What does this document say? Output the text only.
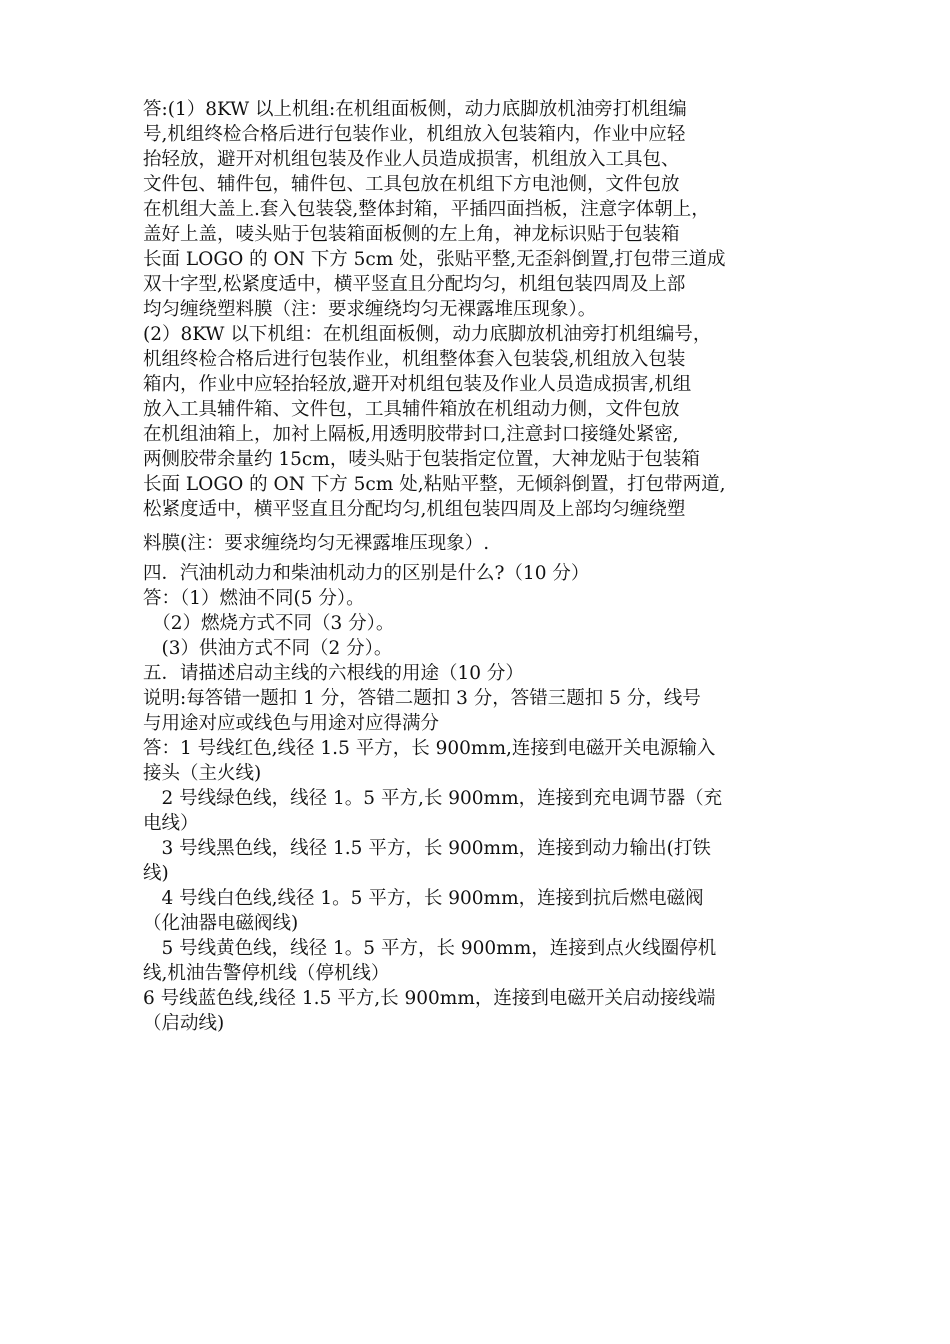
答:(1）8KW 以上机组:在机组面板侧，动力底脚放机油旁打机组编
号,机组终检合格后进行包装作业，机组放入包装箱内，作业中应轻
抬轻放，避开对机组包装及作业人员造成损害，机组放入工具包、
文件包、辅件包，辅件包、工具包放在机组下方电池侧，文件包放
在机组大盖上.套入包装袋,整体封箱，平插四面挡板，注意字体朝上，
盖好上盖，唛头贴于包装箱面板侧的左上角，神龙标识贴于包装箱
长面 LOGO 的 ON 下方 5cm 处，张贴平整,无歪斜倒置,打包带三道成
双十字型,松紧度适中，横平竖直且分配均匀，机组包装四周及上部
均匀缠绕塑料膜（注：要求缠绕均匀无裸露堆压现象）。
(2）8KW 以下机组：在机组面板侧，动力底脚放机油旁打机组编号，
机组终检合格后进行包装作业，机组整体套入包装袋,机组放入包装
箱内，作业中应轻抬轻放,避开对机组包装及作业人员造成损害,机组
放入工具辅件箱、文件包，工具辅件箱放在机组动力侧，文件包放
在机组油箱上，加衬上隔板,用透明胶带封口,注意封口接缝处紧密,
两侧胶带余量约 15cm，唛头贴于包装指定位置，大神龙贴于包装箱
长面 LOGO 的 ON 下方 5cm 处,粘贴平整，无倾斜倒置，打包带两道,
松紧度适中，横平竖直且分配均匀,机组包装四周及上部均匀缠绕塑
料膜(注：要求缠绕均匀无裸露堆压现象）.
四．汽油机动力和柴油机动力的区别是什么?（10 分）
答：（1）燃油不同(5 分）。
　（2）燃烧方式不同（3 分）。
　(3）供油方式不同（2 分）。
五．请描述启动主线的六根线的用途（10 分）
说明:每答错一题扣 1 分，答错二题扣 3 分，答错三题扣 5 分，线号
与用途对应或线色与用途对应得满分
答：1 号线红色,线径 1.5 平方，长 900mm,连接到电磁开关电源输入
接头（主火线)
　2 号线绿色线，线径 1。5 平方,长 900mm，连接到充电调节器（充
电线）
　3 号线黑色线，线径 1.5 平方，长 900mm，连接到动力输出(打铁
线)
　4 号线白色线,线径 1。5 平方，长 900mm，连接到抗后燃电磁阀
（化油器电磁阀线)
　5 号线黄色线，线径 1。5 平方，长 900mm，连接到点火线圈停机
线,机油告警停机线（停机线）
6 号线蓝色线,线径 1.5 平方,长 900mm，连接到电磁开关启动接线端
（启动线)
